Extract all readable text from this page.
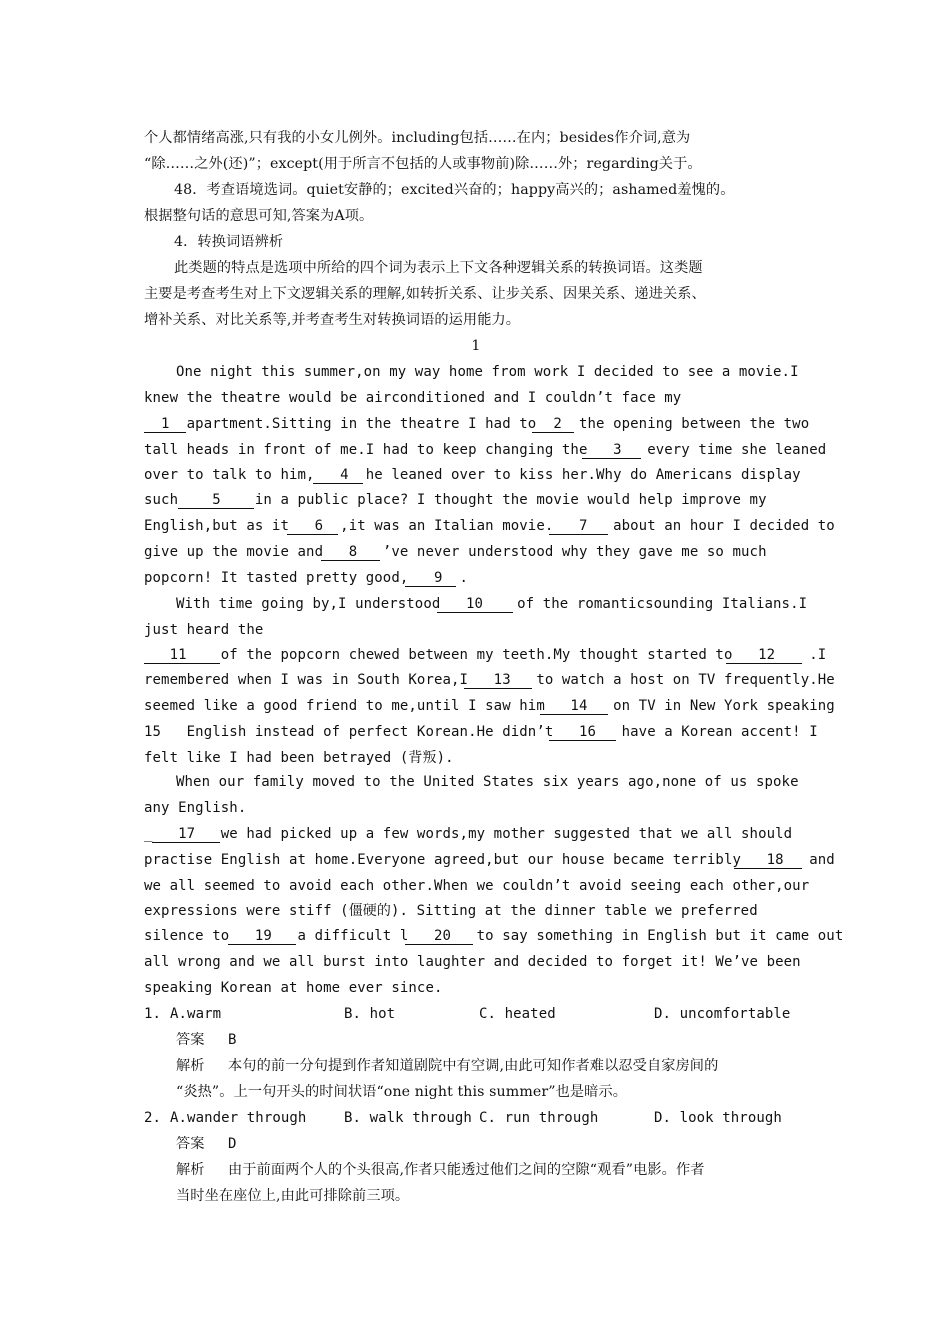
个人都情绪高涨,只有我的小女儿例外。including包括……在内；besides作介词,意为
“除……之外(还)”；except(用于所言不包括的人或事物前)除……外；regarding关于。
48．考查语境选词。quiet安静的；excited兴奋的；happy高兴的；ashamed羞愧的。
根据整句话的意思可知,答案为A项。
4．转换词语辨析
此类题的特点是选项中所给的四个词为表示上下文各种逻辑关系的转换词语。这类题
主要是考查考生对上下文逻辑关系的理解,如转折关系、让步关系、因果关系、递进关系、
增补关系、对比关系等,并考查考生对转换词语的运用能力。
1
One night this summer,on my way home from work I decided to see a movie.I
knew the theatre would be airconditioned and I couldn’t face my
1  apartment.Sitting in the theatre I had to  2  the opening between the two
tall heads in front of me.I had to keep changing the   3   every time she leaned
over to talk to him,   4  he leaned over to kiss her.Why do Americans display
such    5    in a public place? I thought the movie would help improve my
English,but as it   6  ,it was an Italian movie.   7   about an hour I decided to
give up the movie and   8   ’ve never understood why they gave me so much
popcorn! It tasted pretty good,   9  .
With time going by,I understood   10    of the romanticsounding Italians.I
just heard the
11    of the popcorn chewed between my teeth.My thought started to   12    .I
remembered when I was in South Korea,I   13   to watch a host on TV frequently.He
seemed like a good friend to me,until I saw him   14   on TV in New York speaking
15   English instead of perfect Korean.He didn’t   16   have a Korean accent! I
felt like I had been betrayed (背叛).
When our family moved to the United States six years ago,none of us spoke
any English.
_   17   we had picked up a few words,my mother suggested that we all should
practise English at home.Everyone agreed,but our house became terribly   18   and
we all seemed to avoid each other.When we couldn’t avoid seeing each other,our
expressions were stiff (僵硬的). Sitting at the dinner table we preferred
silence to   19   a difficult l   20   to say something in English but it came out
all wrong and we all burst into laughter and decided to forget it! We’ve been
speaking Korean at home ever since.
1. A.warm	B. hot	C. heated	D. uncomfortable
答案 B
解析 本句的前一分句提到作者知道剧院中有空调,由此可知作者难以忍受自家房间的
“炎热”。上一句开头的时间状语“one night this summer”也是暗示。
2. A.wander through	B. walk through C. run through	D. look through
答案 D
解析 由于前面两个人的个头很高,作者只能透过他们之间的空隙“观看”电影。作者
当时坐在座位上,由此可排除前三项。
